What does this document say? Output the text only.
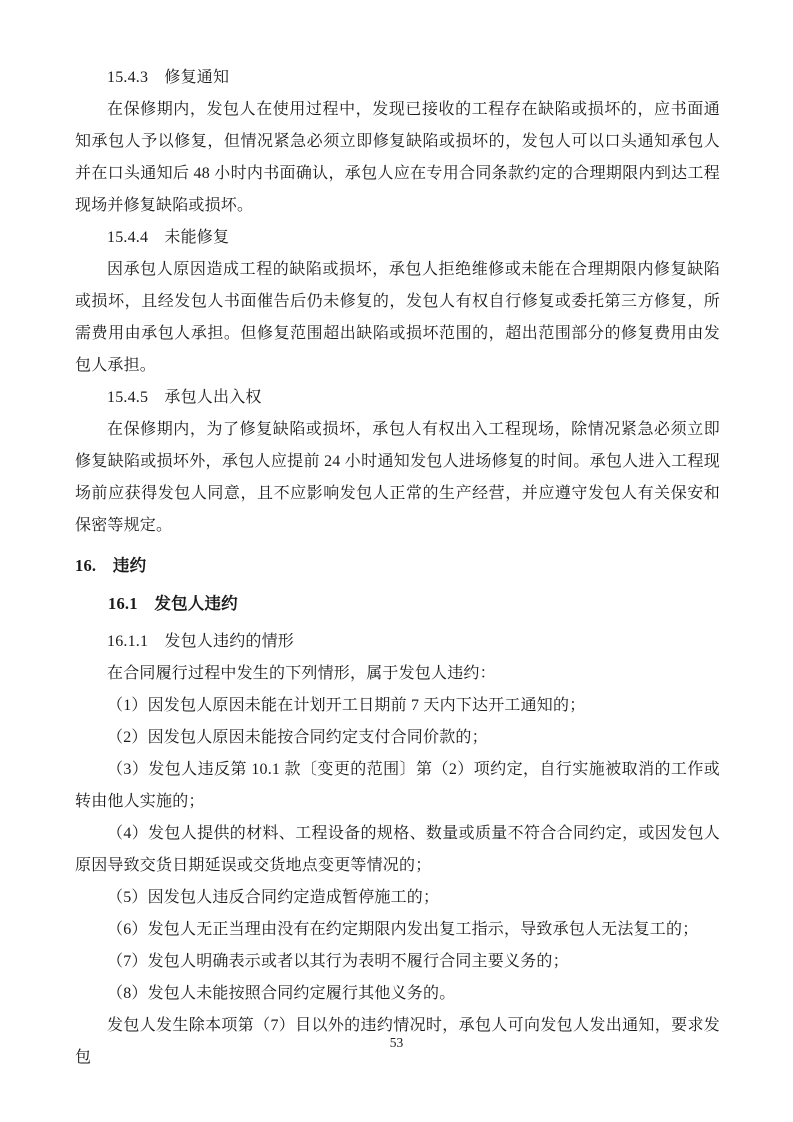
15.4.3　修复通知

在保修期内，发包人在使用过程中，发现已接收的工程存在缺陷或损坏的，应书面通知承包人予以修复，但情况紧急必须立即修复缺陷或损坏的，发包人可以口头通知承包人并在口头通知后 48 小时内书面确认，承包人应在专用合同条款约定的合理期限内到达工程现场并修复缺陷或损坏。

15.4.4　未能修复

因承包人原因造成工程的缺陷或损坏，承包人拒绝维修或未能在合理期限内修复缺陷或损坏，且经发包人书面催告后仍未修复的，发包人有权自行修复或委托第三方修复，所需费用由承包人承担。但修复范围超出缺陷或损坏范围的，超出范围部分的修复费用由发包人承担。

15.4.5　承包人出入权

在保修期内，为了修复缺陷或损坏，承包人有权出入工程现场，除情况紧急必须立即修复缺陷或损坏外，承包人应提前 24 小时通知发包人进场修复的时间。承包人进入工程现场前应获得发包人同意，且不应影响发包人正常的生产经营，并应遵守发包人有关保安和保密等规定。

16.　违约

16.1　发包人违约

16.1.1　发包人违约的情形

在合同履行过程中发生的下列情形，属于发包人违约：

（1）因发包人原因未能在计划开工日期前 7 天内下达开工通知的；

（2）因发包人原因未能按合同约定支付合同价款的；

（3）发包人违反第 10.1 款〔变更的范围〕第（2）项约定，自行实施被取消的工作或转由他人实施的；

（4）发包人提供的材料、工程设备的规格、数量或质量不符合合同约定，或因发包人原因导致交货日期延误或交货地点变更等情况的；

（5）因发包人违反合同约定造成暂停施工的；

（6）发包人无正当理由没有在约定期限内发出复工指示，导致承包人无法复工的；

（7）发包人明确表示或者以其行为表明不履行合同主要义务的；

（8）发包人未能按照合同约定履行其他义务的。

发包人发生除本项第（7）目以外的违约情况时，承包人可向发包人发出通知，要求发包

53
